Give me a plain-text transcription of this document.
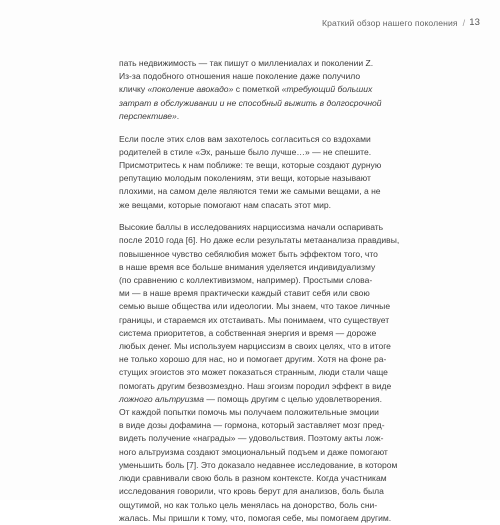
Краткий обзор нашего поколения / 13

пать недвижимость — так пишут о миллениалах и поколении Z.
Из-за подобного отношения наше поколение даже получило
кличку «поколение авокадо» с пометкой «требующий больших
затрат в обслуживании и не способный выжить в долгосрочной
перспективе».

Если после этих слов вам захотелось согласиться со вздохами
родителей в стиле «Эх, раньше было лучше…» — не спешите.
Присмотритесь к нам поближе: те вещи, которые создают дурную
репутацию молодым поколениям, эти вещи, которые называют
плохими, на самом деле являются теми же самыми вещами, а не
же вещами, которые помогают нам спасать этот мир.

Высокие баллы в исследованиях нарциссизма начали оспаривать
после 2010 года [6]. Но даже если результаты метаанализа правдивы,
повышенное чувство себялюбия может быть эффектом того, что
в наше время все больше внимания уделяется индивидуализму
(по сравнению с коллективизмом, например). Простыми слова-
ми — в наше время практически каждый ставит себя или свою
семью выше общества или идеологии. Мы знаем, что такое личные
границы, и стараемся их отстаивать. Мы понимаем, что существует
система приоритетов, а собственная энергия и время — дороже
любых денег. Мы используем нарциссизм в своих целях, что в итоге
не только хорошо для нас, но и помогает другим. Хотя на фоне ра-
стущих эгоистов это может показаться странным, люди стали чаще
помогать другим безвозмездно. Наш эгоизм породил эффект в виде
ложного альтруизма — помощь другим с целью удовлетворения.
От каждой попытки помочь мы получаем положительные эмоции
в виде дозы дофамина — гормона, который заставляет мозг пред-
видеть получение «награды» — удовольствия. Поэтому акты лож-
ного альтруизма создают эмоциональный подъем и даже помогают
уменьшить боль [7]. Это доказало недавнее исследование, в котором
люди сравнивали свою боль в разном контексте. Когда участникам
исследования говорили, что кровь берут для анализов, боль была
ощутимой, но как только цель менялась на донорство, боль сни-
жалась. Мы пришли к тому, что, помогая себе, мы помогаем другим.
